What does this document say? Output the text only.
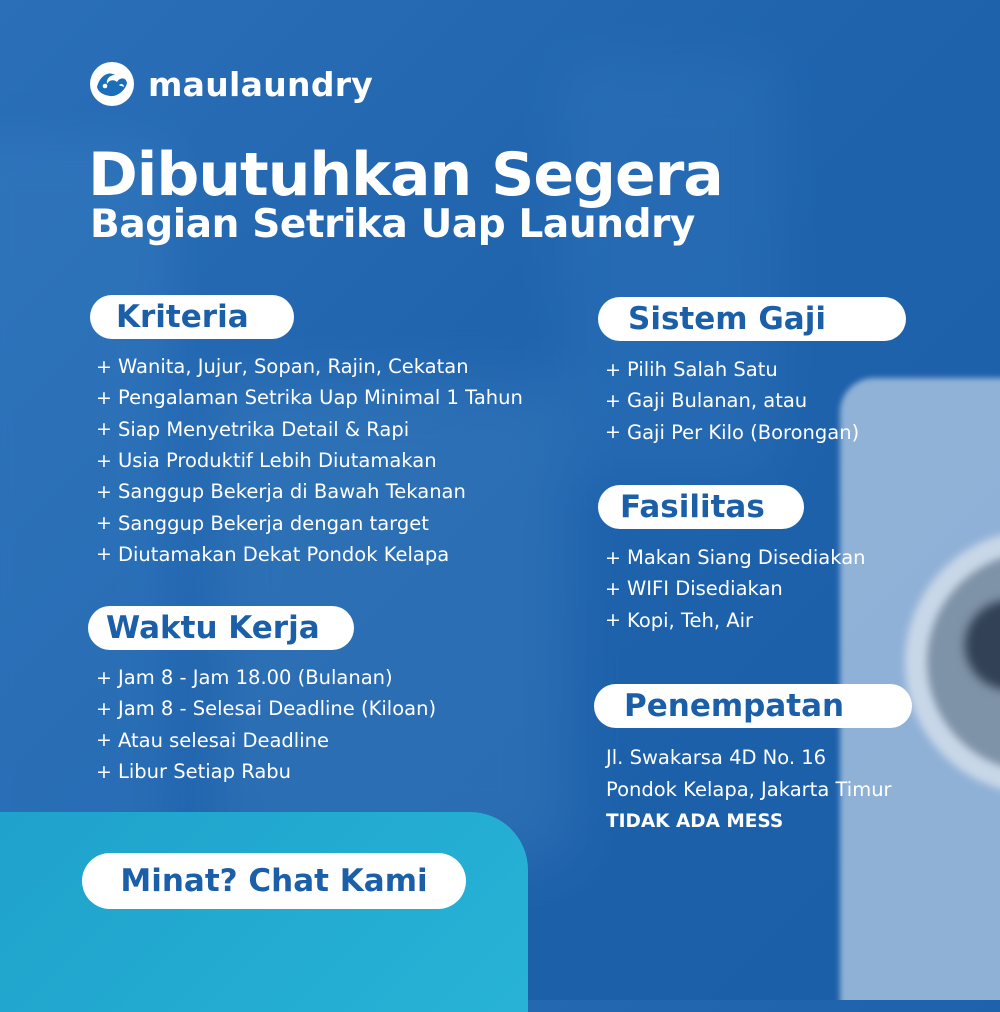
maulaundry
Dibutuhkan Segera
Bagian Setrika Uap Laundry
Kriteria
+ Wanita, Jujur, Sopan, Rajin, Cekatan
+ Pengalaman Setrika Uap Minimal 1 Tahun
+ Siap Menyetrika Detail & Rapi
+ Usia Produktif Lebih Diutamakan
+ Sanggup Bekerja di Bawah Tekanan
+ Sanggup Bekerja dengan target
+ Diutamakan Dekat Pondok Kelapa
Waktu Kerja
+ Jam 8 - Jam 18.00 (Bulanan)
+ Jam 8 - Selesai Deadline (Kiloan)
+ Atau selesai Deadline
+ Libur Setiap Rabu
Sistem Gaji
+ Pilih Salah Satu
+ Gaji Bulanan, atau
+ Gaji Per Kilo (Borongan)
Fasilitas
+ Makan Siang Disediakan
+ WIFI Disediakan
+ Kopi, Teh, Air
Penempatan
Jl. Swakarsa 4D No. 16
Pondok Kelapa, Jakarta Timur
TIDAK ADA MESS
Minat? Chat Kami
